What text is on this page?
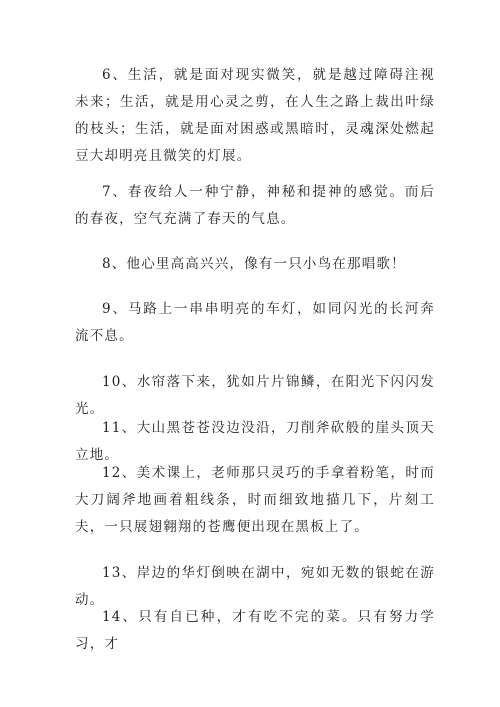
6、生活，就是面对现实微笑，就是越过障碍注视未来；生活，就是用心灵之剪，在人生之路上裁出叶绿的枝头；生活，就是面对困惑或黑暗时，灵魂深处燃起豆大却明亮且微笑的灯展。

7、春夜给人一种宁静，神秘和提神的感觉。而后的春夜，空气充满了春天的气息。

8、他心里高高兴兴，像有一只小鸟在那唱歌！

9、马路上一串串明亮的车灯，如同闪光的长河奔流不息。

10、水帘落下来，犹如片片锦鳞，在阳光下闪闪发光。

11、大山黑苍苍没边没沿，刀削斧砍般的崖头顶天立地。

12、美术课上，老师那只灵巧的手拿着粉笔，时而大刀阔斧地画着粗线条，时而细致地描几下，片刻工夫，一只展翅翱翔的苍鹰便出现在黑板上了。

13、岸边的华灯倒映在湖中，宛如无数的银蛇在游动。

14、只有自已种，才有吃不完的菜。只有努力学习，才
